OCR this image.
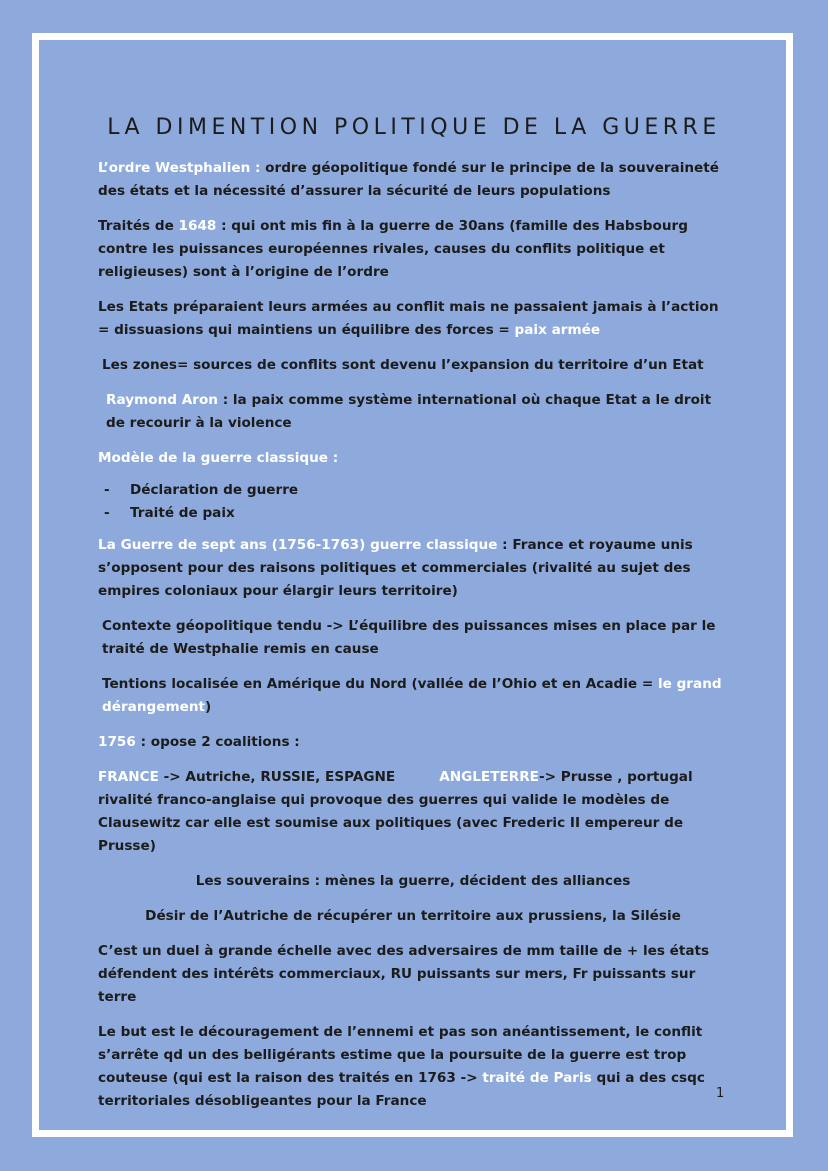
LA DIMENTION POLITIQUE DE LA GUERRE

L’ordre Westphalien : ordre géopolitique fondé sur le principe de la souveraineté des états et la nécessité d’assurer la sécurité de leurs populations

Traités de 1648 : qui ont mis fin à la guerre de 30ans (famille des Habsbourg contre les puissances européennes rivales, causes du conflits politique et religieuses) sont à l’origine de l’ordre

Les Etats préparaient leurs armées au conflit mais ne passaient jamais à l’action = dissuasions qui maintiens un équilibre des forces = paix armée

Les zones= sources de conflits sont devenu l’expansion du territoire d’un Etat

Raymond Aron : la paix comme système international où chaque Etat a le droit de recourir à la violence

Modèle de la guerre classique :

- Déclaration de guerre
- Traité de paix

La Guerre de sept ans (1756-1763) guerre classique : France et royaume unis s’opposent pour des raisons politiques et commerciales (rivalité au sujet des empires coloniaux pour élargir leurs territoire)

Contexte géopolitique tendu -> L’équilibre des puissances mises en place par le traité de Westphalie remis en cause

Tentions localisée en Amérique du Nord (vallée de l’Ohio et en Acadie = le grand dérangement)

1756 : opose 2 coalitions :

FRANCE -> Autriche, RUSSIE, ESPAGNE	ANGLETERRE-> Prusse , portugal
rivalité franco-anglaise qui provoque des guerres qui valide le modèles de Clausewitz car elle est soumise aux politiques (avec Frederic II empereur de Prusse)

Les souverains : mènes la guerre, décident des alliances

Désir de l’Autriche de récupérer un territoire aux prussiens, la Silésie

C’est un duel à grande échelle avec des adversaires de mm taille de + les états défendent des intérêts commerciaux, RU puissants sur mers, Fr puissants sur terre

Le but est le découragement de l’ennemi et pas son anéantissement, le conflit s’arrête qd un des belligérants estime que la poursuite de la guerre est trop couteuse (qui est la raison des traités en 1763 -> traité de Paris qui a des csqc territoriales désobligeantes pour la France	1
